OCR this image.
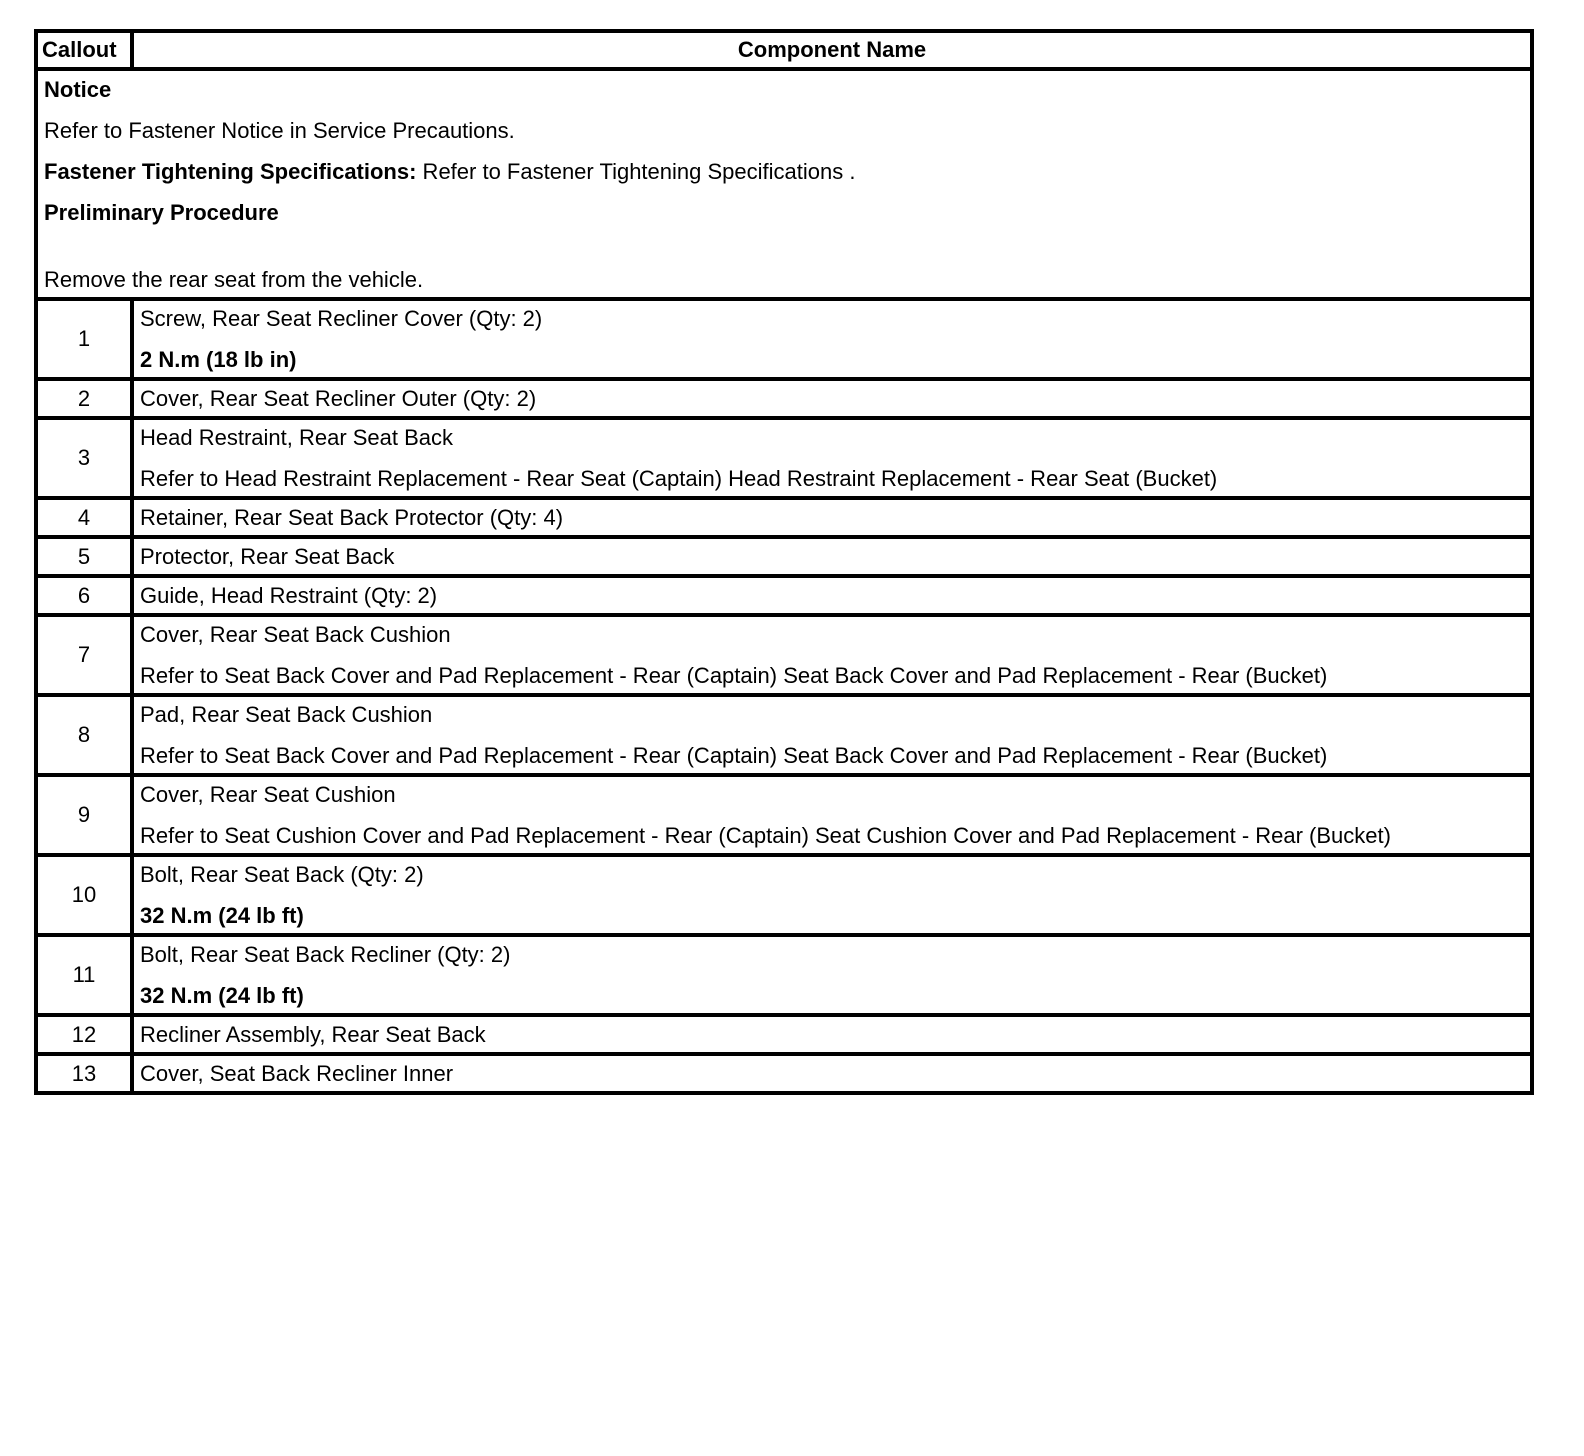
Callout	Component Name

Notice
Refer to Fastener Notice in Service Precautions.
Fastener Tightening Specifications: Refer to Fastener Tightening Specifications .
Preliminary Procedure
Remove the rear seat from the vehicle.	

1	Screw, Rear Seat Recliner Cover (Qty: 2)
2 N.m (18 lb in)

2	Cover, Rear Seat Recliner Outer (Qty: 2)

3	Head Restraint, Rear Seat Back
Refer to Head Restraint Replacement - Rear Seat (Captain) Head Restraint Replacement - Rear Seat (Bucket)

4	Retainer, Rear Seat Back Protector (Qty: 4)

5	Protector, Rear Seat Back

6	Guide, Head Restraint (Qty: 2)

7	Cover, Rear Seat Back Cushion
Refer to Seat Back Cover and Pad Replacement - Rear (Captain) Seat Back Cover and Pad Replacement - Rear (Bucket)

8	Pad, Rear Seat Back Cushion
Refer to Seat Back Cover and Pad Replacement - Rear (Captain) Seat Back Cover and Pad Replacement - Rear (Bucket)

9	Cover, Rear Seat Cushion
Refer to Seat Cushion Cover and Pad Replacement - Rear (Captain) Seat Cushion Cover and Pad Replacement - Rear (Bucket)

10	Bolt, Rear Seat Back (Qty: 2)
32 N.m (24 lb ft)

11	Bolt, Rear Seat Back Recliner (Qty: 2)
32 N.m (24 lb ft)

12	Recliner Assembly, Rear Seat Back

13	Cover, Seat Back Recliner Inner
